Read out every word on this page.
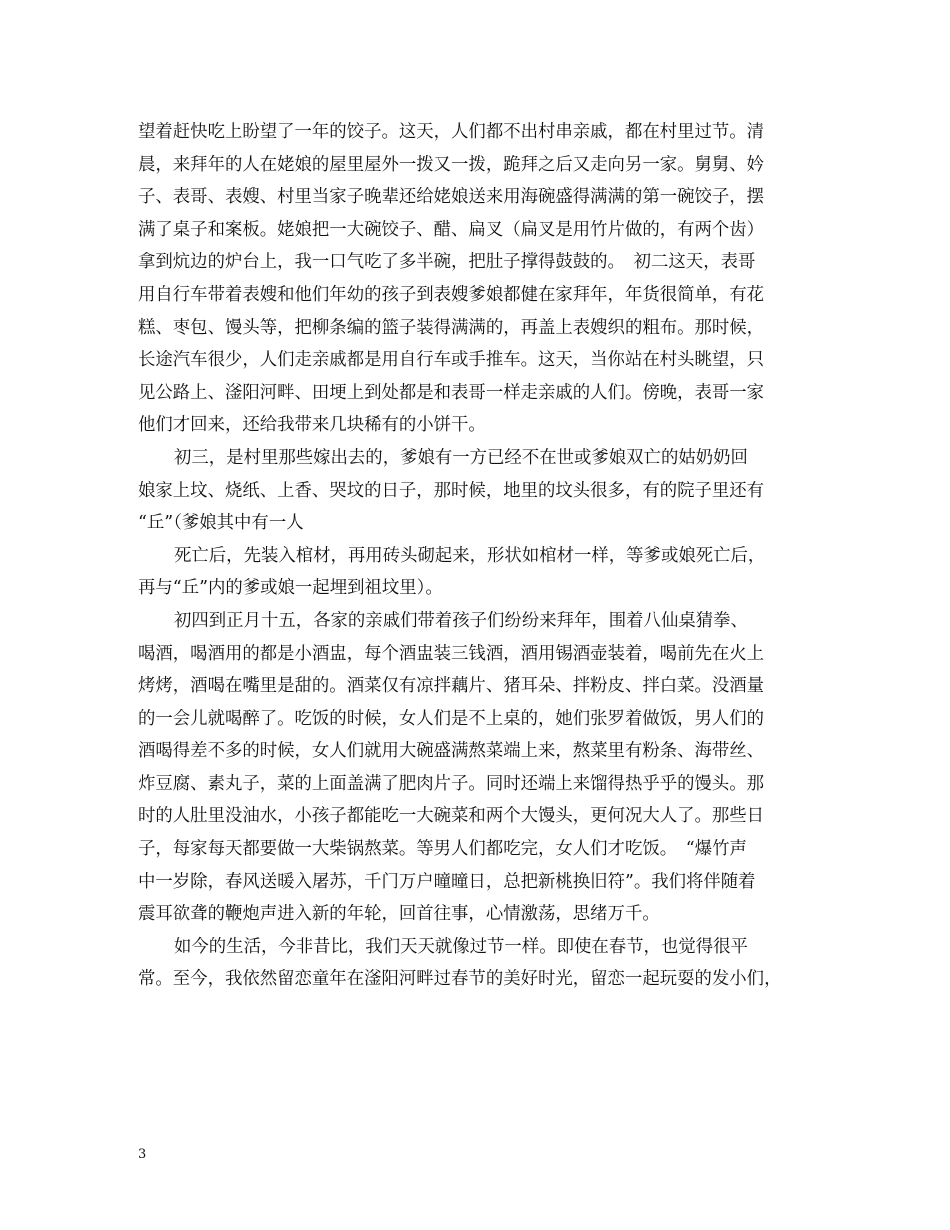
望着赶快吃上盼望了一年的饺子。这天，人们都不出村串亲戚，都在村里过节。清
晨，来拜年的人在姥娘的屋里屋外一拨又一拨，跪拜之后又走向另一家。舅舅、妗
子、表哥、表嫂、村里当家子晚辈还给姥娘送来用海碗盛得满满的第一碗饺子，摆
满了桌子和案板。姥娘把一大碗饺子、醋、扁叉（扁叉是用竹片做的，有两个齿）
拿到炕边的炉台上，我一口气吃了多半碗，把肚子撑得鼓鼓的。　初二这天，表哥
用自行车带着表嫂和他们年幼的孩子到表嫂爹娘都健在家拜年，年货很简单，有花
糕、枣包、馒头等，把柳条编的篮子装得满满的，再盖上表嫂织的粗布。那时候，
长途汽车很少，人们走亲戚都是用自行车或手推车。这天，当你站在村头眺望，只
见公路上、滏阳河畔、田埂上到处都是和表哥一样走亲戚的人们。傍晚，表哥一家
他们才回来，还给我带来几块稀有的小饼干。
初三，是村里那些嫁出去的，爹娘有一方已经不在世或爹娘双亡的姑奶奶回
娘家上坟、烧纸、上香、哭坟的日子，那时候，地里的坟头很多，有的院子里还有
“丘”（爹娘其中有一人
死亡后，先装入棺材，再用砖头砌起来，形状如棺材一样，等爹或娘死亡后，
再与“丘”内的爹或娘一起埋到祖坟里）。
初四到正月十五，各家的亲戚们带着孩子们纷纷来拜年，围着八仙桌猜拳、
喝酒，喝酒用的都是小酒盅，每个酒盅装三钱酒，酒用锡酒壶装着，喝前先在火上
烤烤，酒喝在嘴里是甜的。酒菜仅有凉拌藕片、猪耳朵、拌粉皮、拌白菜。没酒量
的一会儿就喝醉了。吃饭的时候，女人们是不上桌的，她们张罗着做饭，男人们的
酒喝得差不多的时候，女人们就用大碗盛满熬菜端上来，熬菜里有粉条、海带丝、
炸豆腐、素丸子，菜的上面盖满了肥肉片子。同时还端上来馏得热乎乎的馒头。那
时的人肚里没油水，小孩子都能吃一大碗菜和两个大馒头，更何况大人了。那些日
子，每家每天都要做一大柴锅熬菜。等男人们都吃完，女人们才吃饭。　“爆竹声
中一岁除，春风送暖入屠苏，千门万户曈曈日，总把新桃换旧符”。我们将伴随着
震耳欲聋的鞭炮声进入新的年轮，回首往事，心情激荡，思绪万千。
如今的生活，今非昔比，我们天天就像过节一样。即使在春节，也觉得很平
常。至今，我依然留恋童年在滏阳河畔过春节的美好时光，留恋一起玩耍的发小们，
3
